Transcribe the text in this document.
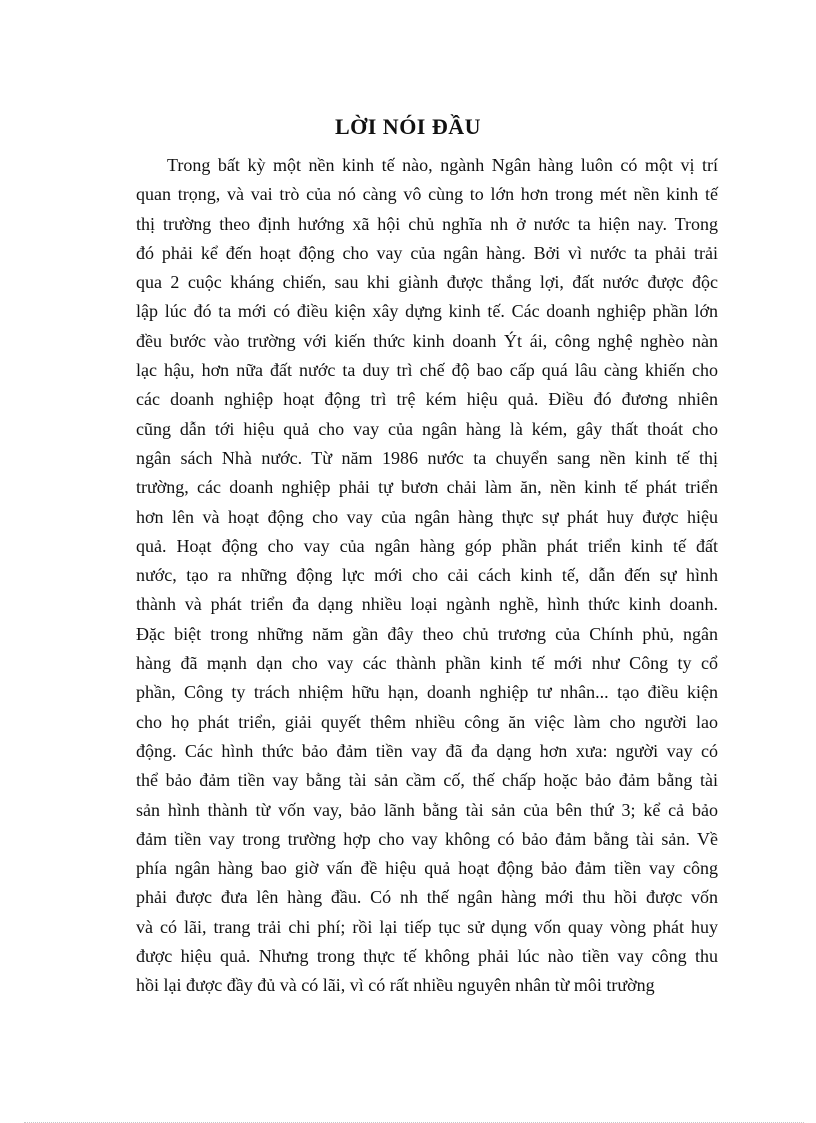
LỜI NÓI ĐẦU
Trong bất kỳ một nền kinh tế nào, ngành Ngân hàng luôn có một vị trí
quan trọng, và vai trò của nó càng vô cùng to lớn hơn trong mét nền kinh tế
thị trường theo định hướng xã hội chủ nghĩa nh ở nước ta hiện nay. Trong
đó phải kể đến hoạt động cho vay của ngân hàng. Bởi vì nước ta phải trải
qua 2 cuộc kháng chiến, sau khi giành được thắng lợi, đất nước được độc
lập lúc đó ta mới có điều kiện xây dựng kinh tế. Các doanh nghiệp phần lớn
đều bước vào trường với kiến thức kinh doanh Ýt ái, công nghệ nghèo nàn
lạc hậu, hơn nữa đất nước ta duy trì chế độ bao cấp quá lâu càng khiến cho
các doanh nghiệp hoạt động trì trệ kém hiệu quả. Điều đó đương nhiên
cũng dẫn tới hiệu quả cho vay của ngân hàng là kém, gây thất thoát cho
ngân sách Nhà nước. Từ năm 1986 nước ta chuyển sang nền kinh tế thị
trường, các doanh nghiệp phải tự bươn chải làm ăn, nền kinh tế phát triển
hơn lên và hoạt động cho vay của ngân hàng thực sự phát huy được hiệu
quả. Hoạt động cho vay của ngân hàng góp phần phát triển kinh tế đất
nước, tạo ra những động lực mới cho cải cách kinh tế, dẫn đến sự hình
thành và phát triển đa dạng nhiều loại ngành nghề, hình thức kinh doanh.
Đặc biệt trong những năm gần đây theo chủ trương của Chính phủ, ngân
hàng đã mạnh dạn cho vay các thành phần kinh tế mới như Công ty cổ
phần, Công ty trách nhiệm hữu hạn, doanh nghiệp tư nhân... tạo điều kiện
cho họ phát triển, giải quyết thêm nhiều công ăn việc làm cho người lao
động. Các hình thức bảo đảm tiền vay đã đa dạng hơn xưa: người vay có
thể bảo đảm tiền vay bằng tài sản cầm cố, thế chấp hoặc bảo đảm bằng tài
sản hình thành từ vốn vay, bảo lãnh bằng tài sản của bên thứ 3; kể cả bảo
đảm tiền vay trong trường hợp cho vay không có bảo đảm bằng tài sản. Về
phía ngân hàng bao giờ vấn đề hiệu quả hoạt động bảo đảm tiền vay công
phải được đưa lên hàng đầu. Có nh thế ngân hàng mới thu hồi được vốn
và có lãi, trang trải chi phí; rồi lại tiếp tục sử dụng vốn quay vòng phát huy
được hiệu quả. Nhưng trong thực tế không phải lúc nào tiền vay công thu
hồi lại được đầy đủ và có lãi, vì có rất nhiều nguyên nhân từ môi trường
